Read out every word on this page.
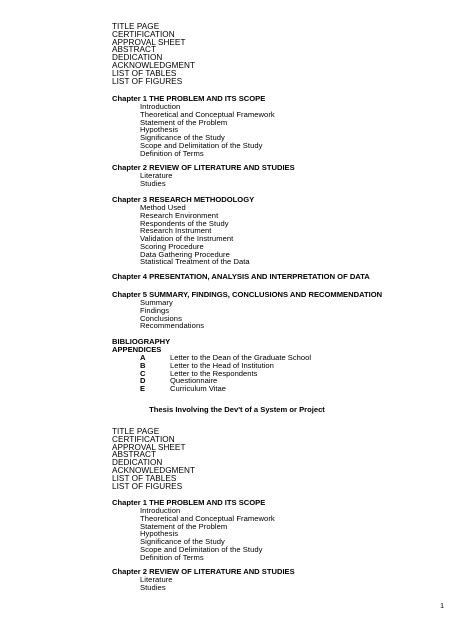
TITLE PAGE
CERTIFICATION
APPROVAL SHEET
ABSTRACT
DEDICATION
ACKNOWLEDGMENT
LIST OF TABLES
LIST OF FIGURES
Chapter 1 THE PROBLEM AND ITS SCOPE
Introduction
Theoretical and Conceptual Framework
Statement of the Problem
Hypothesis
Significance of the Study
Scope and Delimitation of the Study
Definition of Terms
Chapter 2 REVIEW OF LITERATURE AND STUDIES
Literature
Studies
Chapter 3 RESEARCH METHODOLOGY
Method Used
Research Environment
Respondents of the Study
Research Instrument
Validation of the Instrument
Scoring Procedure
Data Gathering Procedure
Statistical Treatment of the Data
Chapter 4 PRESENTATION, ANALYSIS AND INTERPRETATION OF DATA
Chapter 5 SUMMARY, FINDINGS, CONCLUSIONS AND RECOMMENDATION
Summary
Findings
Conclusions
Recommendations
BIBLIOGRAPHY
APPENDICES
A	Letter to the Dean of the Graduate School
B	Letter to the Head of Institution
C	Letter to the Respondents
D	Questionnaire
E	Curriculum Vitae
Thesis Involving the Dev't of a System or Project
TITLE PAGE
CERTIFICATION
APPROVAL SHEET
ABSTRACT
DEDICATION
ACKNOWLEDGMENT
LIST OF TABLES
LIST OF FIGURES
Chapter 1 THE PROBLEM AND ITS SCOPE
Introduction
Theoretical and Conceptual Framework
Statement of the Problem
Hypothesis
Significance of the Study
Scope and Delimitation of the Study
Definition of Terms
Chapter 2 REVIEW OF LITERATURE AND STUDIES
Literature
Studies
1
